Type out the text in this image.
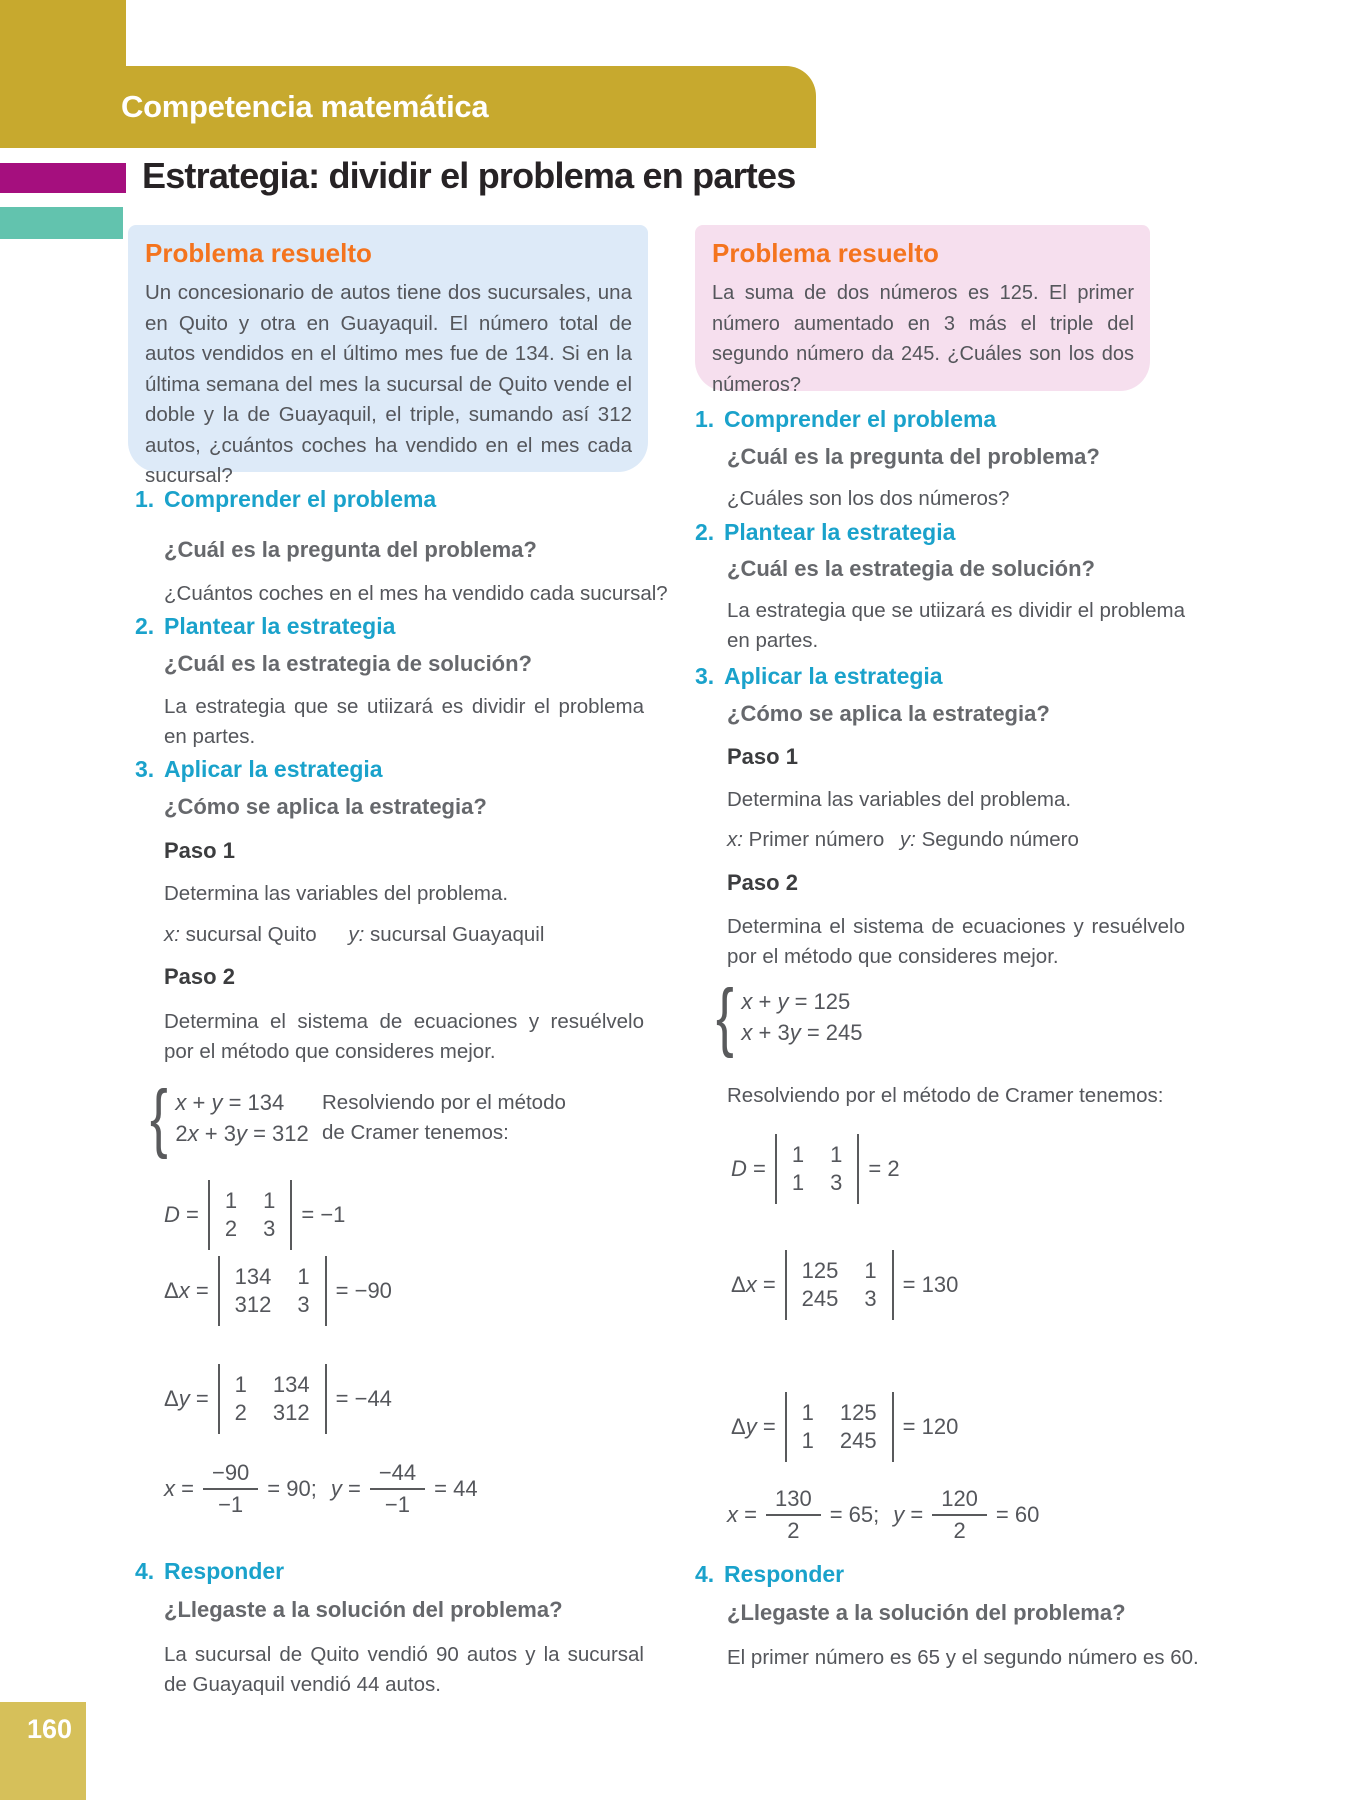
Competencia matemática
Estrategia: dividir el problema en partes
Problema resuelto

Un concesionario de autos tiene dos sucursales, una en Quito y otra en Guayaquil. El número total de autos vendidos en el último mes fue de 134. Si en la última semana del mes la sucursal de Quito vende el doble y la de Guayaquil, el triple, sumando así 312 autos, ¿cuántos coches ha vendido en el mes cada sucursal?

1. Comprender el problema
¿Cuál es la pregunta del problema?
¿Cuántos coches en el mes ha vendido cada sucursal?
2. Plantear la estrategia
¿Cuál es la estrategia de solución?
La estrategia que se utiizará es dividir el problema en partes.
3. Aplicar la estrategia
¿Cómo se aplica la estrategia?
Paso 1
Determina las variables del problema.
x: sucursal Quito y: sucursal Guayaquil
Paso 2
Determina el sistema de ecuaciones y resuélvelo por el método que consideres mejor.
{ x + y = 134
2x + 3y = 312
Resolviendo por el método de Cramer tenemos:
D =
1 1
2 3
= −1
Δx =
134 1
312 3
= −90
Δy =
1 134
2 312
= −44
$x = \frac{-90}{-1} = 90$; $y = \frac{-44}{-1} = 44$
4. Responder
¿Llegaste a la solución del problema?
La sucursal de Quito vendió 90 autos y la sucursal de Guayaquil vendió 44 autos.
Problema resuelto

La suma de dos números es 125. El primer número aumentado en 3 más el triple del segundo número da 245. ¿Cuáles son los dos números?

1. Comprender el problema
¿Cuál es la pregunta del problema?
¿Cuáles son los dos números?
2. Plantear la estrategia
¿Cuál es la estrategia de solución?
La estrategia que se utiizará es dividir el problema en partes.
3. Aplicar la estrategia
¿Cómo se aplica la estrategia?
Paso 1
Determina las variables del problema.
x: Primer número y: Segundo número
Paso 2
Determina el sistema de ecuaciones y resuélvelo por el método que consideres mejor.
{ x + y = 125
x + 3y = 245
Resolviendo por el método de Cramer tenemos:
D =
1 1
1 3
= 2
Δx =
125 1
245 3
= 130
Δy =
1 125
1 245
= 120
$x = \frac{130}{2} = 65$; $y = \frac{120}{2} = 60$
4. Responder
¿Llegaste a la solución del problema?
El primer número es 65 y el segundo número es 60.
160
